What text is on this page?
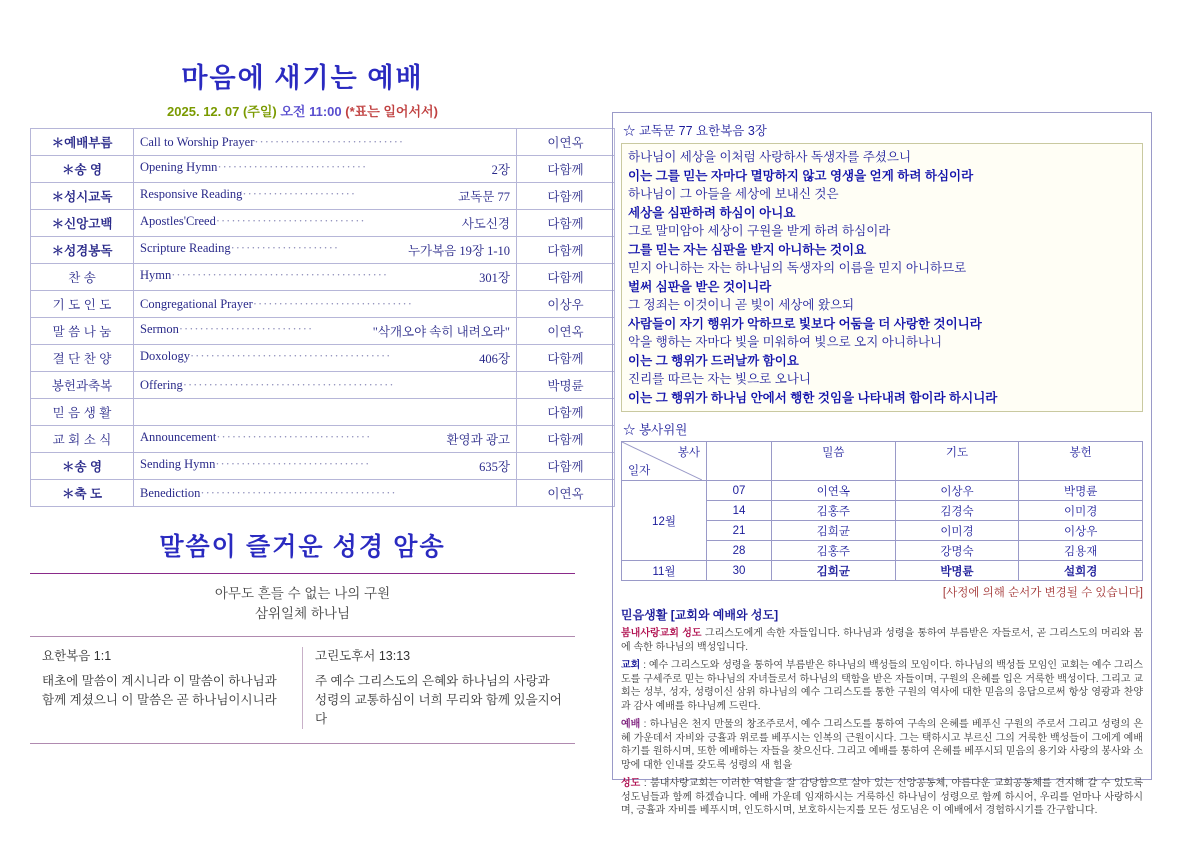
마음에 새기는 예배
2025. 12. 07 (주일) 오전 11:00 (*표는 일어서서)
＊예배부름	Call to Worship Prayer·····························	이연옥
＊송 영	Opening Hymn····························· 2장	다함께
＊성시교독	Responsive Reading······················ 교독문 77	다함께
＊신앙고백	Apostles'Creed····························· 사도신경	다함께
＊성경봉독	Scripture Reading····················· 누가복음 19장 1-10	다함께
찬 송	Hymn·········································· 301장	다함께
기 도 인 도	Congregational Prayer·······························	이상우
말 씀 나 눔	Sermon·························· "삭개오야 속히 내려오라"	이연옥
결 단 찬 양	Doxology······································· 406장	다함께
봉헌과축복	Offering·········································	박명륜
믿 음 생 활		다함께
교 회 소 식	Announcement······························ 환영과 광고	다함께
＊송 영	Sending Hymn······························ 635장	다함께
＊축 도	Benediction······································	이연옥
말씀이 즐거운 성경 암송
아무도 흔들 수 없는 나의 구원
삼위일체 하나님
요한복음 1:1
태초에 말씀이 계시니라 이 말씀이 하나님과 함께 계셨으니 이 말씀은 곧 하나님이시니라
고린도후서 13:13
주 예수 그리스도의 은혜와 하나님의 사랑과 성령의 교통하심이 너희 무리와 함께 있을지어다
☆ 교독문 77 요한복음 3장
하나님이 세상을 이처럼 사랑하사 독생자를 주셨으니
이는 그를 믿는 자마다 멸망하지 않고 영생을 얻게 하려 하심이라
하나님이 그 아들을 세상에 보내신 것은
세상을 심판하려 하심이 아니요
그로 말미암아 세상이 구원을 받게 하려 하심이라
그를 믿는 자는 심판을 받지 아니하는 것이요
믿지 아니하는 자는 하나님의 독생자의 이름을 믿지 아니하므로
벌써 심판을 받은 것이니라
그 정죄는 이것이니 곧 빛이 세상에 왔으되
사람들이 자기 행위가 악하므로 빛보다 어둠을 더 사랑한 것이니라
악을 행하는 자마다 빛을 미워하여 빛으로 오지 아니하나니
이는 그 행위가 드러날까 함이요
진리를 따르는 자는 빛으로 오나니
이는 그 행위가 하나님 안에서 행한 것임을 나타내려 함이라 하시니라
☆ 봉사위원
봉사
일자		밀씀	기도	봉헌

12월	07	이연옥	이상우	박명륜
	14	김홍주	김경숙	이미경
	21	김희균	이미경	이상우
	28	김홍주	강명숙	김용재
11월	30	김희균	박명륜	설희경
[사정에 의해 순서가 변경될 수 있습니다]
믿음생활 [교회와 예배와 성도]

붐내사랑교회 성도 그리스도에게 속한 자들입니다. 하나님과 성령을 통하여 부름받은 자들로서, 곧 그리스도의 머리와 몸에 속한 하나님의 백성입니다.

교회 : 예수 그리스도와 성령을 통하여 부름받은 하나님의 백성들의 모임이다. 하나님의 백성들 모임인 교회는 예수 그리스도를 구세주로 믿는 하나님의 자녀들로서 하나님의 택함을 받은 자들이며, 구원의 은혜를 입은 거룩한 백성이다. 그리고 교회는 성부, 성자, 성령이신 삼위 하나님의 예수 그리스도를 통한 구원의 역사에 대한 믿음의 응답으로써 항상 영광과 찬양과 감사 예배를 하나님께 드린다.

예배 : 하나님은 천지 만물의 창조주로서, 예수 그리스도를 통하여 구속의 은혜를 베푸신 구원의 주로서 그리고 성령의 은혜 가운데서 자비와 긍휼과 위로를 베푸시는 인복의 근원이시다. 그는 택하시고 부르신 그의 거룩한 백성들이 그에게 예배하기를 원하시며, 또한 예배하는 자들을 찾으신다. 그리고 예배를 통하여 은혜를 베푸시되 믿음의 용기와 사랑의 봉사와 소망에 대한 인내를 갖도록 성령의 새 힘을

성도 : 붐내사랑교회는 이러한 역할을 잘 감당함으로 살아 있는 신앙공동체, 아름다운 교회공동체를 견지해 갈 수 있도록 성도님들과 함께 하겠습니다. 예배 가운데 임재하시는 거룩하신 하나님이 성령으로 함께 하시어, 우리를 얻마나 사랑하시며, 긍휼과 자비를 베푸시며, 인도하시며, 보호하시는지를 모든 성도님은 이 예배에서 경험하시기를 간구합니다.
